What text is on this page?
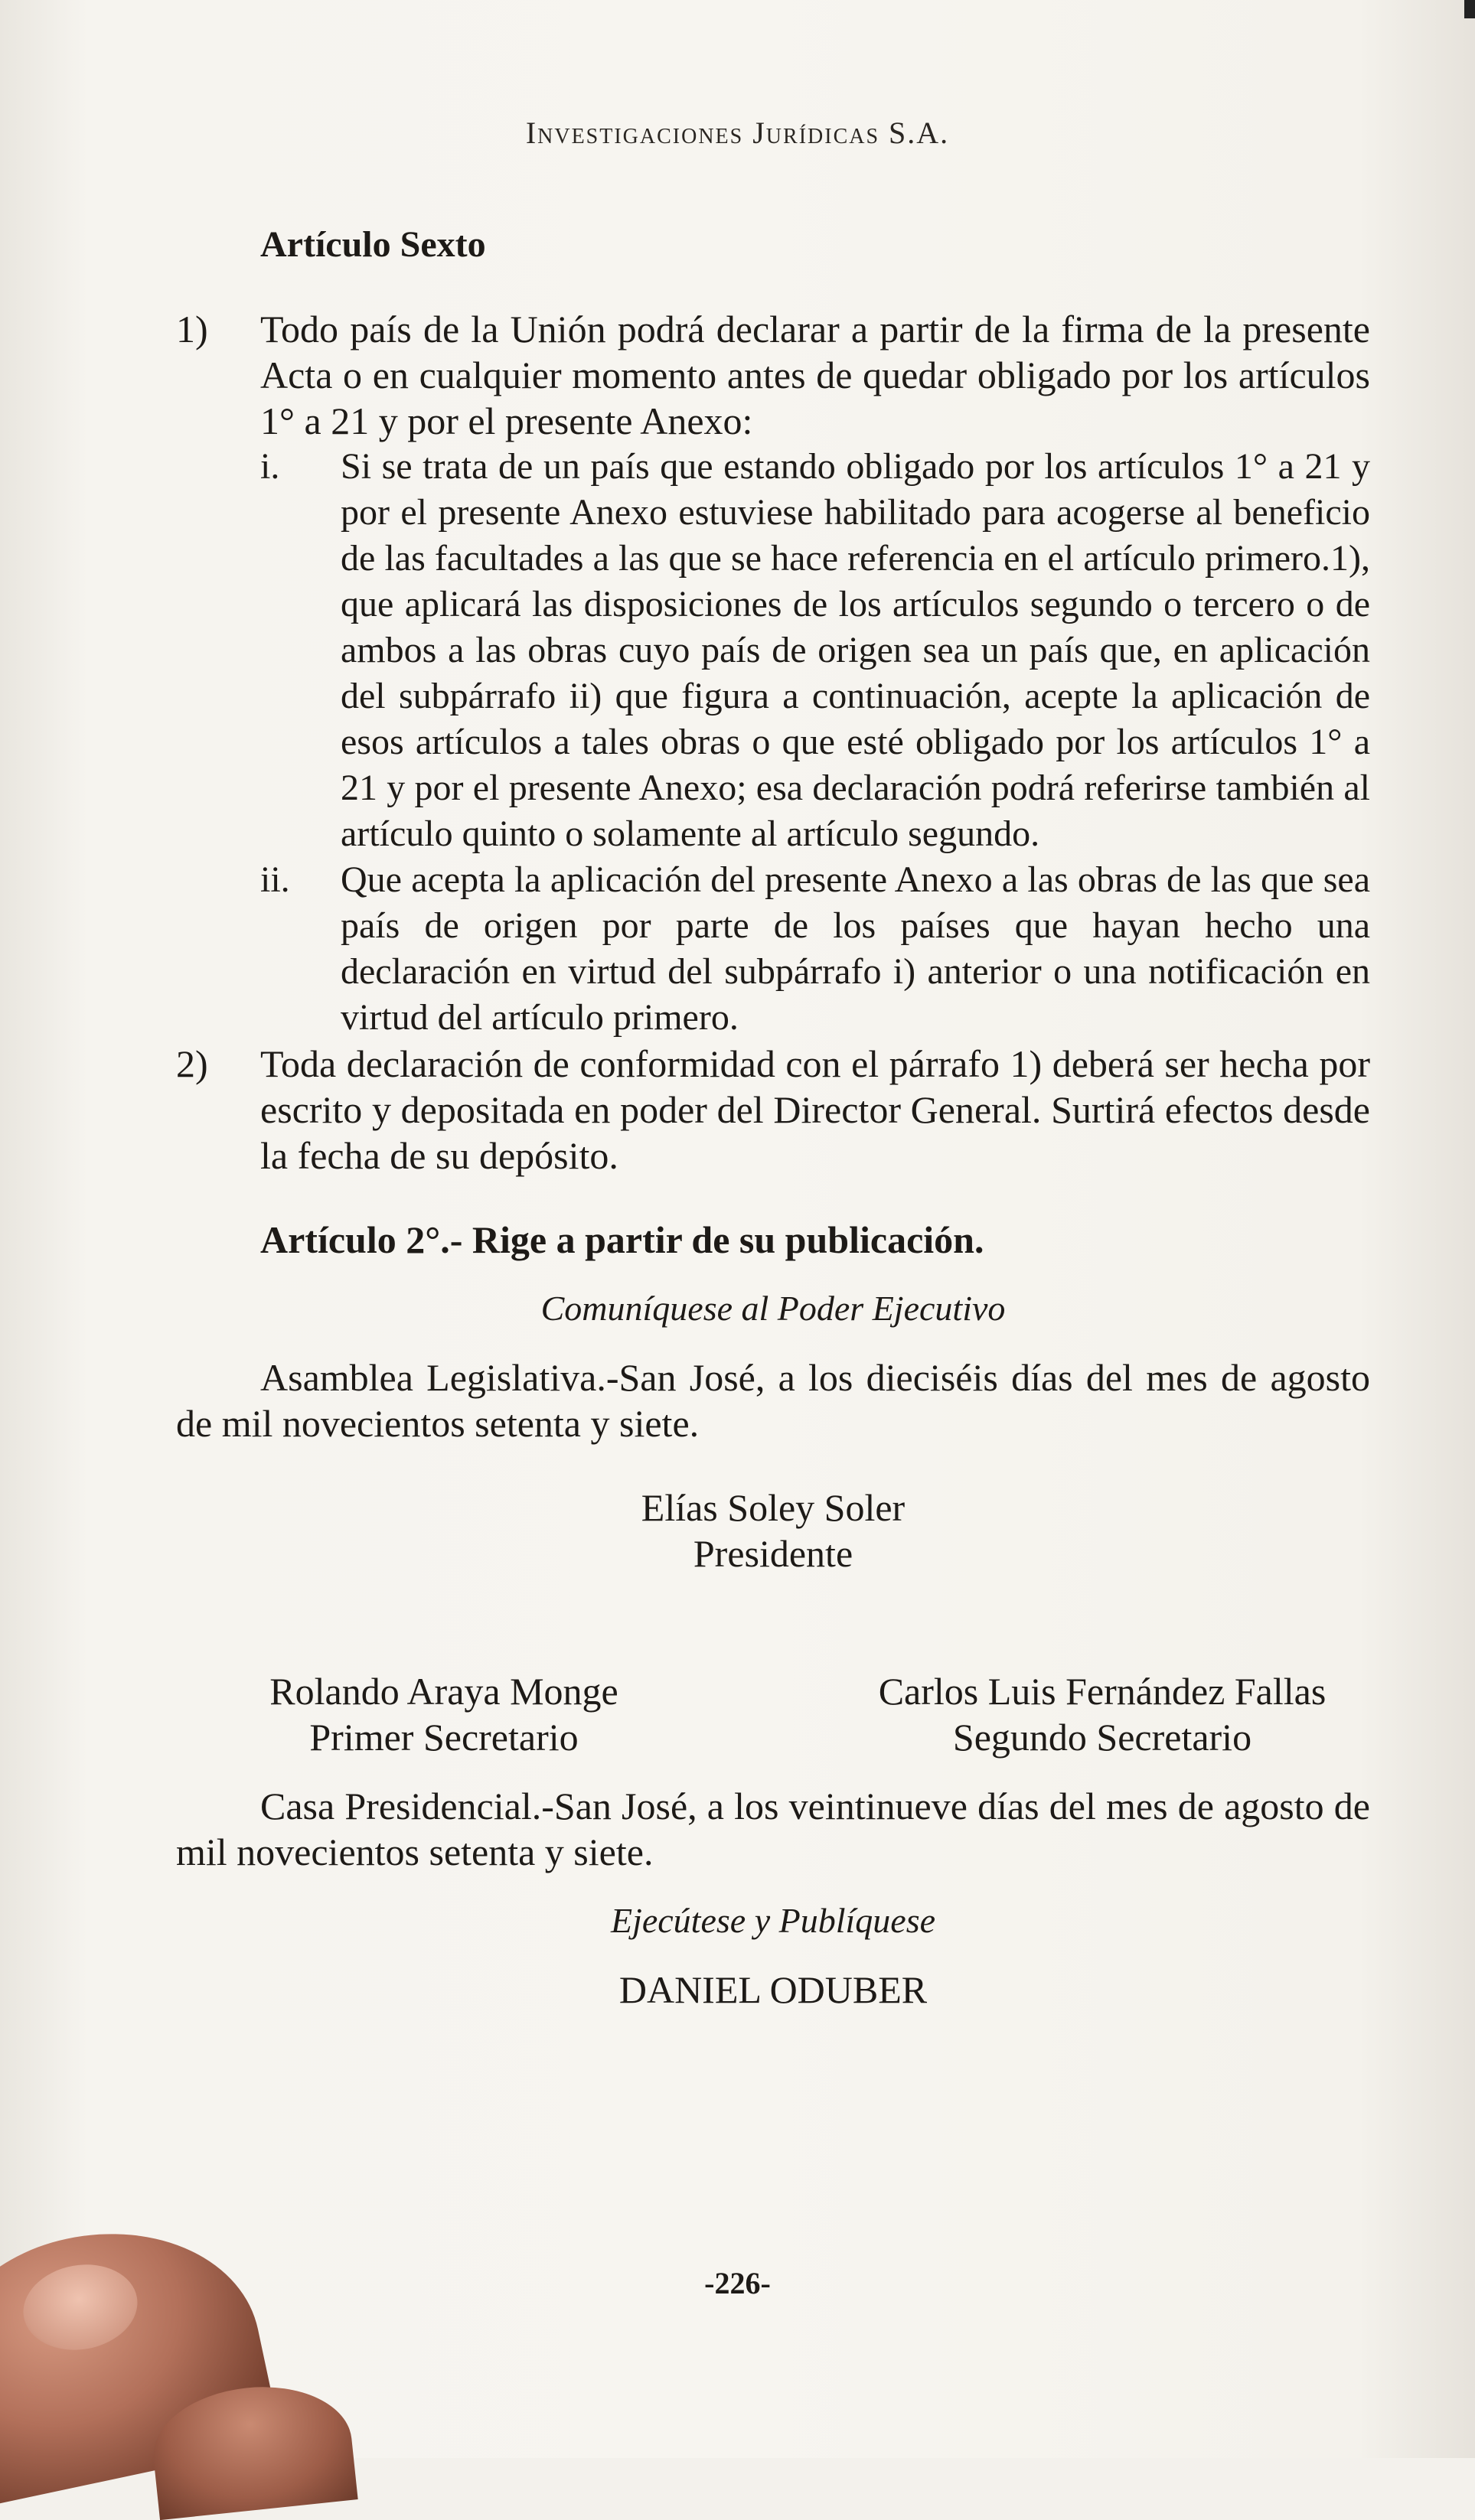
Investigaciones Jurídicas S.A.
Artículo Sexto
1) Todo país de la Unión podrá declarar a partir de la firma de la presente Acta o en cualquier momento antes de quedar obligado por los artículos 1° a 21 y por el presente Anexo:
i. Si se trata de un país que estando obligado por los artículos 1° a 21 y por el presente Anexo estuviese habilitado para acogerse al beneficio de las facultades a las que se hace referencia en el artículo primero.1), que aplicará las disposiciones de los artículos segundo o tercero o de ambos a las obras cuyo país de origen sea un país que, en aplicación del subpárrafo ii) que figura a continuación, acepte la aplicación de esos artículos a tales obras o que esté obligado por los artículos 1° a 21 y por el presente Anexo; esa declaración podrá referirse también al artículo quinto o solamente al artículo segundo.
ii. Que acepta la aplicación del presente Anexo a las obras de las que sea país de origen por parte de los países que hayan hecho una declaración en virtud del subpárrafo i) anterior o una notificación en virtud del artículo primero.
2) Toda declaración de conformidad con el párrafo 1) deberá ser hecha por escrito y depositada en poder del Director General. Surtirá efectos desde la fecha de su depósito.
Artículo 2°.- Rige a partir de su publicación.
Comuníquese al Poder Ejecutivo
Asamblea Legislativa.-San José, a los dieciséis días del mes de agosto de mil novecientos setenta y siete.
Elías Soley Soler
Presidente
Rolando Araya Monge
Primer Secretario
Carlos Luis Fernández Fallas
Segundo Secretario
Casa Presidencial.-San José, a los veintinueve días del mes de agosto de mil novecientos setenta y siete.
Ejecútese y Publíquese
DANIEL ODUBER
-226-
